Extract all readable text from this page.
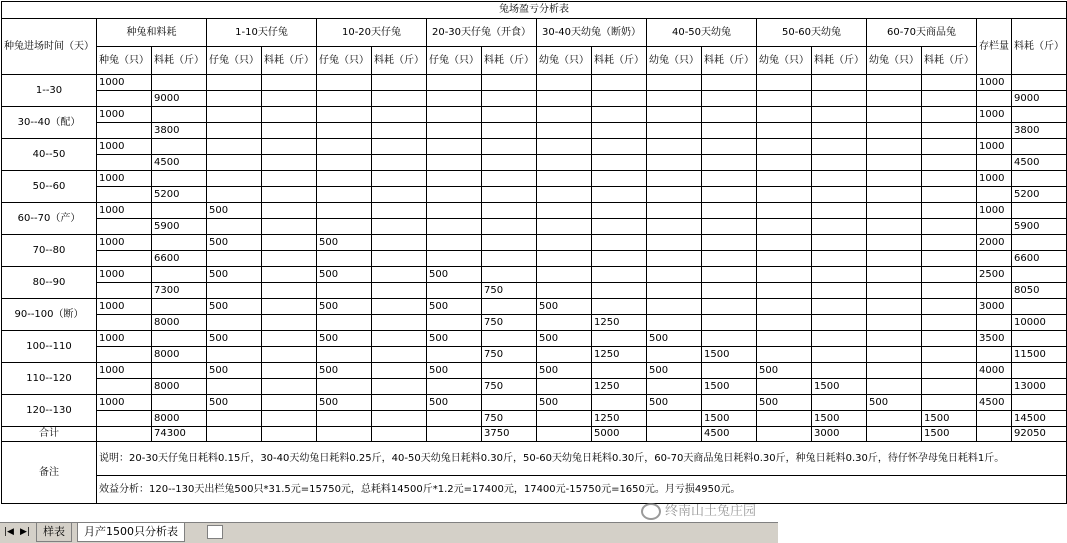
兔场盈亏分析表																		
种兔进场时间（天）	种兔和料耗		1-10天仔兔		10-20天仔兔		20-30天仔兔（开食）		30-40天幼兔（断奶）		40-50天幼兔		50-60天幼兔		60-70天商品兔		存栏量	料耗（斤）
	种兔（只）	料耗（斤）	仔兔（只）	料耗（斤）	仔兔（只）	料耗（斤）	仔兔（只）	料耗（斤）	幼兔（只）	料耗（斤）	幼兔（只）	料耗（斤）	幼兔（只）	料耗（斤）	幼兔（只）	料耗（斤）		
1--30	1000																1000	
		9000																9000
30--40（配）	1000																1000	
		3800																3800
40--50	1000																1000	
		4500																4500
50--60	1000																1000	
		5200																5200
60--70（产）	1000		500														1000	
		5900																5900
70--80	1000		500		500												2000	
		6600																6600
80--90	1000		500		500		500										2500	
		7300						750										8050
90--100（断）	1000		500		500		500		500								3000	
		8000						750		1250								10000
100--110	1000		500		500		500		500		500						3500	
		8000						750		1250		1500						11500
110--120	1000		500		500		500		500		500		500				4000	
		8000						750		1250		1500		1500				13000
120--130	1000		500		500		500		500		500		500		500		4500	
		8000						750		1250		1500		1500		1500		14500
合计		74300						3750		5000		4500		3000		1500		92050
备注	说明：20-30天仔兔日耗料0.15斤，30-40天幼兔日耗料0.25斤，40-50天幼兔日耗料0.30斤，50-60天幼兔日耗料0.30斤，60-70天商品兔日耗料0.30斤，种兔日耗料0.30斤，待仔怀孕母兔日耗料1斤。																	
	效益分析：120--130天出栏兔500只*31.5元=15750元，总耗料14500斤*1.2元=17400元，17400元-15750元=1650元。月亏损4950元。																	
终南山土兔庄园
|◀ ▶|	样表	月产1500只分析表
